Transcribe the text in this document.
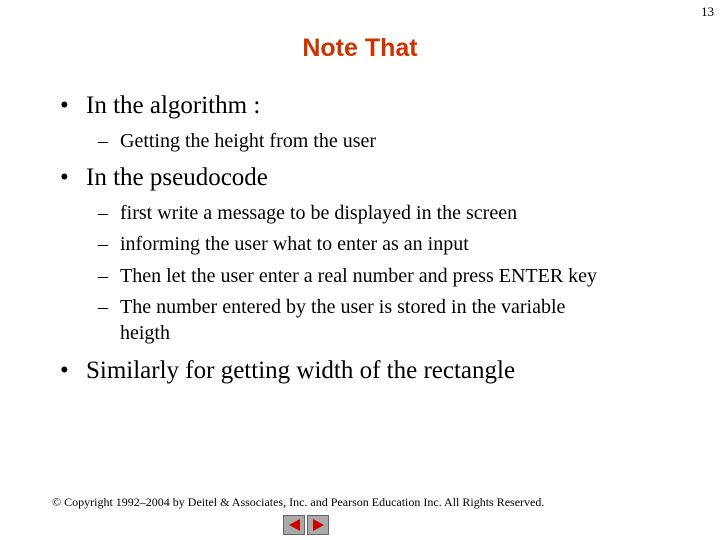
13
Note That
• In the algorithm :
– Getting the height from the user
• In the pseudocode
– first write a message to be displayed in the screen
– informing the user what to enter as an input
– Then let the user enter a real number and press ENTER key
– The number entered by the user is stored in the variable
heigth
• Similarly for getting width of the rectangle
© Copyright 1992–2004 by Deitel & Associates, Inc. and Pearson Education Inc. All Rights Reserved.
